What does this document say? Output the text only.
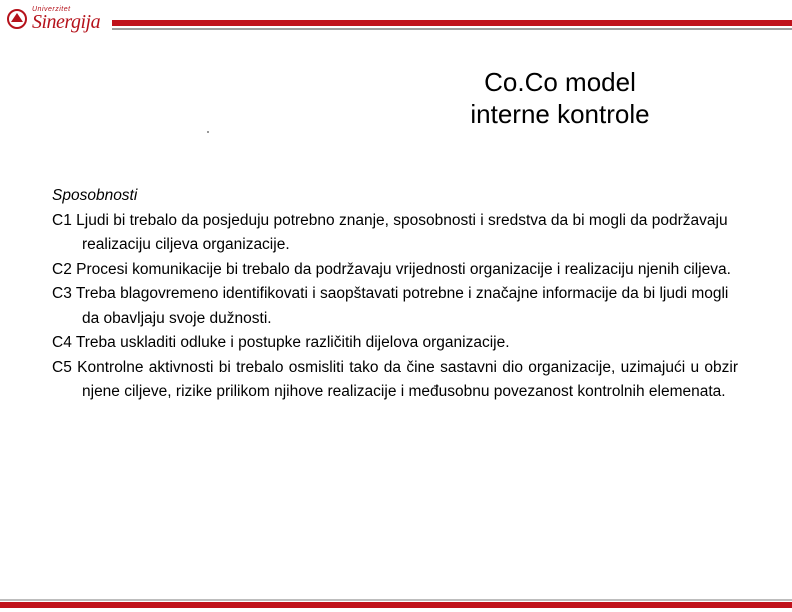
Univerzitet
Sinergija
Co.Co model
interne kontrole

Sposobnosti

C1 Ljudi bi trebalo da posjeduju potrebno znanje, sposobnosti i sredstva da bi mogli da podržavaju realizaciju ciljeva organizacije.

C2 Procesi komunikacije bi trebalo da podržavaju vrijednosti organizacije i realizaciju njenih ciljeva.

C3 Treba blagovremeno identifikovati i saopštavati potrebne i značajne informacije da bi ljudi mogli da obavljaju svoje dužnosti.

C4 Treba uskladiti odluke i postupke različitih dijelova organizacije.

C5 Kontrolne aktivnosti bi trebalo osmisliti tako da čine sastavni dio organizacije, uzimajući u obzir njene ciljeve, rizike prilikom njihove realizacije i međusobnu povezanost kontrolnih elemenata.
